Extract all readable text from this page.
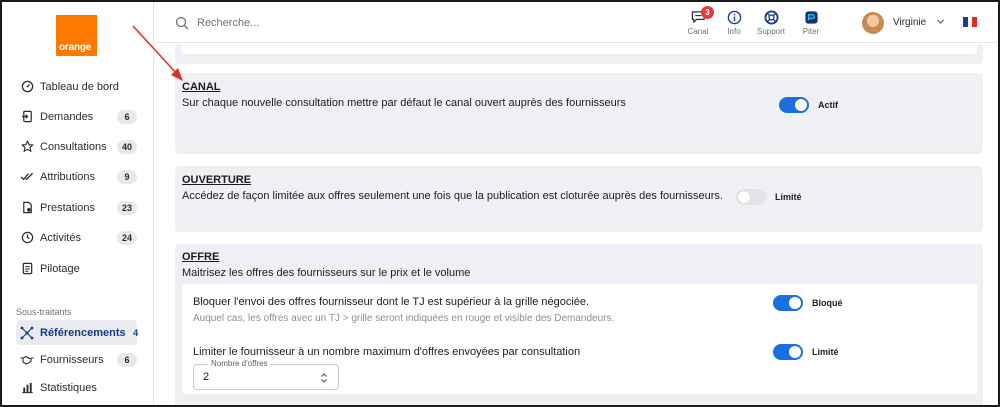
orange
Tableau de bord
Demandes	6
Consultations	40
Attributions	9
Prestations	23
Activités	24
Pilotage
Sous-traitants
Référencements 4
Fournisseurs	6
Statistiques
Recherche...
3
Canal Info Support Piter
Virginie
CANAL
Sur chaque nouvelle consultation mettre par défaut le canal ouvert auprès des fournisseurs	Actif
OUVERTURE
Accédez de façon limitée aux offres seulement une fois que la publication est cloturée auprès des fournisseurs.	Limité
OFFRE
Maitrisez les offres des fournisseurs sur le prix et le volume
Bloquer l'envoi des offres fournisseur dont le TJ est supérieur à la grille négociée.
Auquel cas, les offres avec un TJ > grille seront indiquées en rouge et visible des Demandeurs.
Bloqué
Limiter le fournisseur à un nombre maximum d'offres envoyées par consultation	Limité
Nombre d'offres
2
